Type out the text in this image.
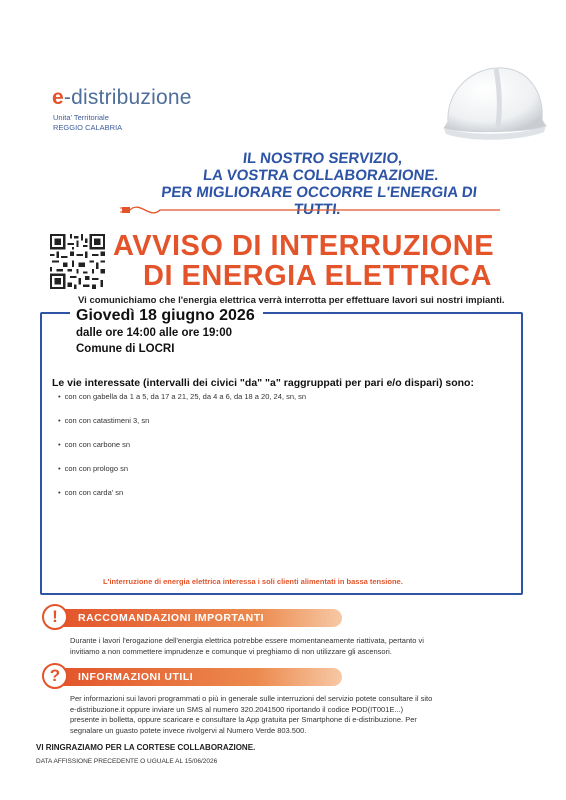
e-distribuzione
Unita' Territoriale
REGGIO CALABRIA
IL NOSTRO SERVIZIO,
LA VOSTRA COLLABORAZIONE.
PER MIGLIORARE OCCORRE L'ENERGIA DI TUTTI.
AVVISO DI INTERRUZIONE
DI ENERGIA ELETTRICA
Vi comunichiamo che l'energia elettrica verrà interrotta per effettuare lavori sui nostri impianti.
Giovedì 18 giugno 2026
dalle ore 14:00 alle ore 19:00
Comune di LOCRI
Le vie interessate (intervalli dei civici "da" "a" raggruppati per pari e/o dispari) sono:
• con con gabella da 1 a 5, da 17 a 21, 25, da 4 a 6, da 18 a 20, 24, sn, sn
• con con catastimeni 3, sn
• con con carbone sn
• con con prologo sn
• con con carda' sn
L'interruzione di energia elettrica interessa i soli clienti alimentati in bassa tensione.
RACCOMANDAZIONI IMPORTANTI
!
Durante i lavori l'erogazione dell'energia elettrica potrebbe essere momentaneamente riattivata, pertanto vi
invitiamo a non commettere imprudenze e comunque vi preghiamo di non utilizzare gli ascensori.
INFORMAZIONI UTILI
?
Per informazioni sui lavori programmati o più in generale sulle interruzioni del servizio potete consultare il sito
e-distribuzione.it oppure inviare un SMS al numero 320.2041500 riportando il codice POD(IT001E...)
presente in bolletta, oppure scaricare e consultare la App gratuita per Smartphone di e-distribuzione. Per
segnalare un guasto potete invece rivolgervi al Numero Verde 803.500.
VI RINGRAZIAMO PER LA CORTESE COLLABORAZIONE.
DATA AFFISSIONE PRECEDENTE O UGUALE AL 15/06/2026
